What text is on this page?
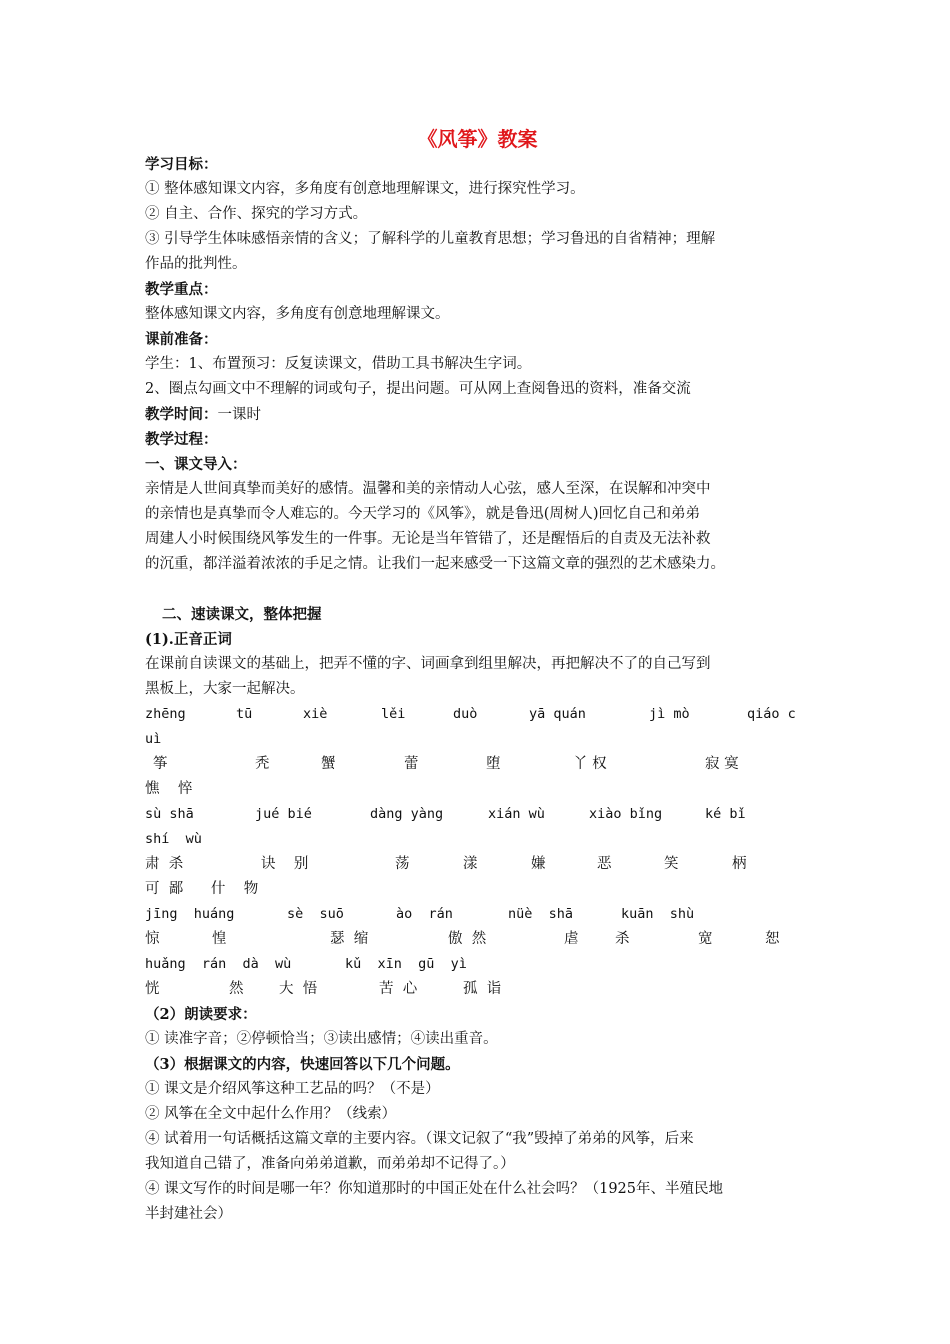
《风筝》教案
学习目标：
① 整体感知课文内容，多角度有创意地理解课文，进行探究性学习。
② 自主、合作、探究的学习方式。
③ 引导学生体味感悟亲情的含义；了解科学的儿童教育思想；学习鲁迅的自省精神；理解
作品的批判性。
教学重点：
整体感知课文内容，多角度有创意地理解课文。
课前准备：
学生：1、布置预习：反复读课文，借助工具书解决生字词。
2、圈点勾画文中不理解的词或句子，提出问题。可从网上查阅鲁迅的资料，准备交流
教学时间：一课时
教学过程：
一、课文导入：
亲情是人世间真挚而美好的感情。温馨和美的亲情动人心弦，感人至深，在误解和冲突中
的亲情也是真挚而令人难忘的。今天学习的《风筝》，就是鲁迅(周树人)回忆自己和弟弟
周建人小时候围绕风筝发生的一件事。无论是当年管错了，还是醒悟后的自责及无法补救
的沉重，都洋溢着浓浓的手足之情。让我们一起来感受一下这篇文章的强烈的艺术感染力。
二、速读课文，整体把握
(1).正音正词
在课前自读课文的基础上，把弄不懂的字、词画拿到组里解决，再把解决不了的自己写到
黑板上，大家一起解决。
zhēng	tū	xiè	lěi	duò	yā quán	jì mò	qiáo c
uì
筝	秃	蟹	蕾	堕	丫 权	寂 寞
憔    悴
sù shā	jué bié	dàng yàng	xián wù	xiào bǐng	ké bǐ
shí  wù
肃  杀	诀    别	荡	漾	嫌	恶	笑	柄
可  鄙      什    物
jīng  huáng	sè  suō	ào  rán	nüè  shā	kuān  shù
惊	惶	瑟  缩	傲  然	虐	杀	宽	恕
huǎng  rán  dà  wù	kǔ  xīn  gū  yì
恍	然 大  悟	苦  心	孤  诣
（2）朗读要求：
① 读准字音；②停顿恰当；③读出感情；④读出重音。
（3）根据课文的内容，快速回答以下几个问题。
① 课文是介绍风筝这种工艺品的吗？（不是）
② 风筝在全文中起什么作用？（线索）
④ 试着用一句话概括这篇文章的主要内容。（课文记叙了“我”毁掉了弟弟的风筝，后来
我知道自己错了，准备向弟弟道歉，而弟弟却不记得了。）
④ 课文写作的时间是哪一年？你知道那时的中国正处在什么社会吗？（1925年、半殖民地
半封建社会）
